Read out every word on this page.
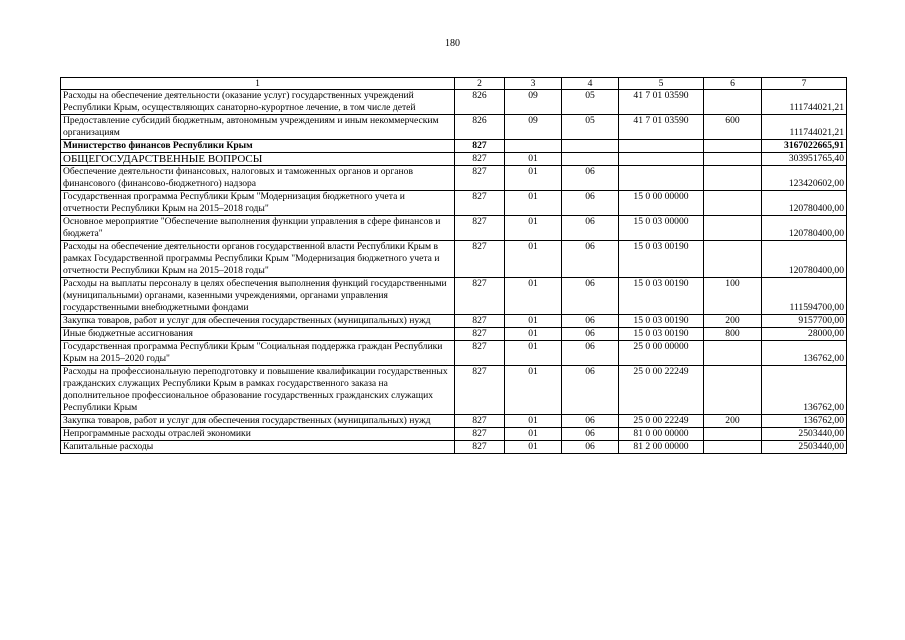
180
1	2	3	4	5	6	7
Расходы на обеспечение деятельности (оказание услуг) государственных учреждений Республики Крым, осуществляющих санаторно-курортное лечение, в том числе детей	826	09	05	41 7 01 03590		111744021,21
Предоставление субсидий бюджетным, автономным учреждениям и иным некоммерческим организациям	826	09	05	41 7 01 03590	600	111744021,21
Министерство финансов Республики Крым	827					3167022665,91
ОБЩЕГОСУДАРСТВЕННЫЕ ВОПРОСЫ	827	01				303951765,40
Обеспечение деятельности финансовых, налоговых и таможенных органов и органов финансового (финансово-бюджетного) надзора	827	01	06			123420602,00
Государственная программа Республики Крым "Модернизация бюджетного учета и отчетности Республики Крым на 2015–2018 годы"	827	01	06	15 0 00 00000		120780400,00
Основное мероприятие "Обеспечение выполнения функции управления в сфере финансов и бюджета"	827	01	06	15 0 03 00000		120780400,00
Расходы на обеспечение деятельности органов государственной власти Республики Крым в рамках Государственной программы Республики Крым "Модернизация бюджетного учета и отчетности Республики Крым на 2015–2018 годы"	827	01	06	15 0 03 00190		120780400,00
Расходы на выплаты персоналу в целях обеспечения выполнения функций государственными (муниципальными) органами, казенными учреждениями, органами управления государственными внебюджетными фондами	827	01	06	15 0 03 00190	100	111594700,00
Закупка товаров, работ и услуг для обеспечения государственных (муниципальных) нужд	827	01	06	15 0 03 00190	200	9157700,00
Иные бюджетные ассигнования	827	01	06	15 0 03 00190	800	28000,00
Государственная программа Республики Крым "Социальная поддержка граждан Республики Крым на 2015–2020 годы"	827	01	06	25 0 00 00000		136762,00
Расходы на профессиональную переподготовку и повышение квалификации государственных гражданских служащих Республики Крым в рамках государственного заказа на дополнительное профессиональное образование государственных гражданских служащих Республики Крым	827	01	06	25 0 00 22249		136762,00
Закупка товаров, работ и услуг для обеспечения государственных (муниципальных) нужд	827	01	06	25 0 00 22249	200	136762,00
Непрограммные расходы отраслей экономики	827	01	06	81 0 00 00000		2503440,00
Капитальные расходы	827	01	06	81 2 00 00000		2503440,00
